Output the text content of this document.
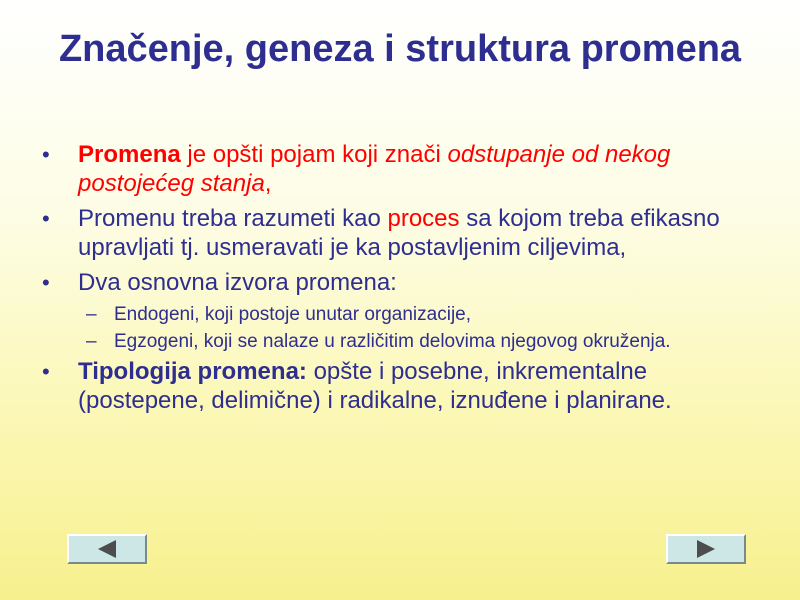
Značenje, geneza i struktura promena
• Promena je opšti pojam koji znači odstupanje od nekog postojećeg stanja,
• Promenu treba razumeti kao proces sa kojom treba efikasno upravljati tj. usmeravati je ka postavljenim ciljevima,
• Dva osnovna izvora promena:
– Endogeni, koji postoje unutar organizacije,
– Egzogeni, koji se nalaze u različitim delovima njegovog okruženja.
• Tipologija promena: opšte i posebne, inkrementalne (postepene, delimične) i radikalne, iznuđene i planirane.
